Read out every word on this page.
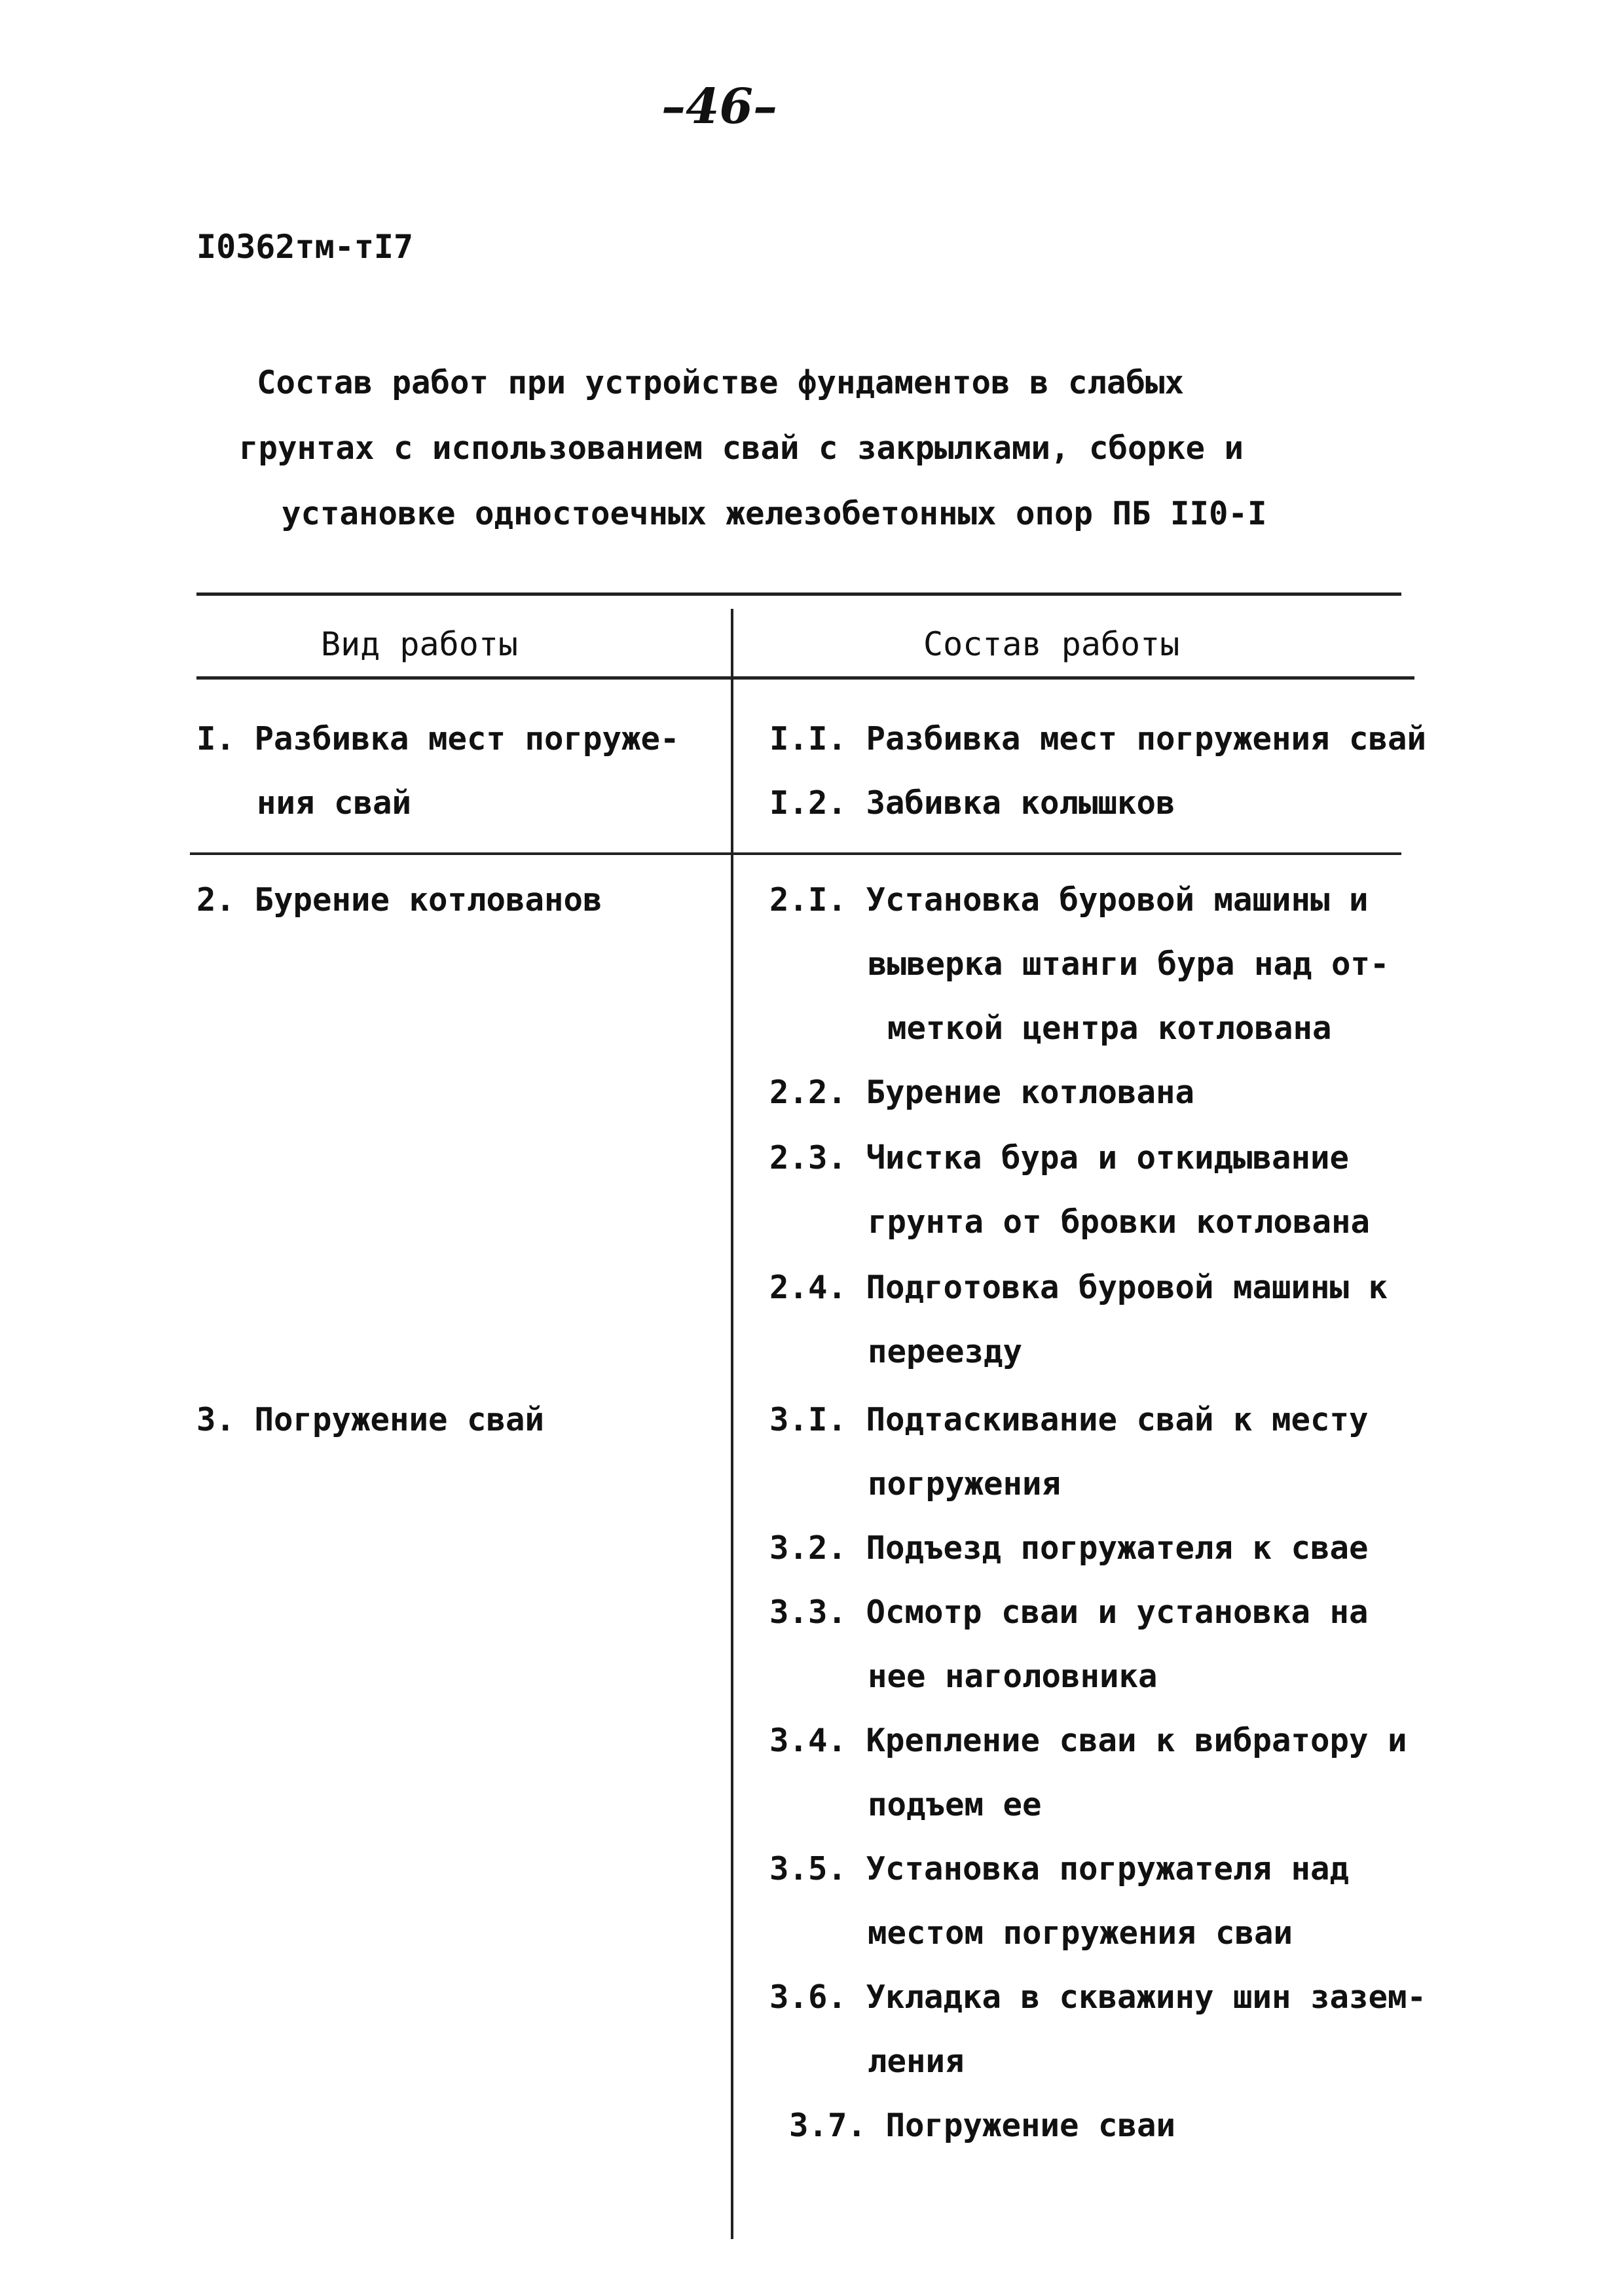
–46–
I0362тм-тI7
Состав работ при устройстве фундаментов в слабых
грунтах с использованием свай с закрылками, сборке и
установке одностоечных железобетонных опор ПБ II0-I
Вид работы	Состав работы
I. Разбивка мест погруже-
ния свай
2. Бурение котлованов
3. Погружение свай
I.I. Разбивка мест погружения свай
I.2. Забивка колышков
2.I. Установка буровой машины и
выверка штанги бура над от-
меткой центра котлована
2.2. Бурение котлована
2.3. Чистка бура и откидывание
грунта от бровки котлована
2.4. Подготовка буровой машины к
переезду
3.I. Подтаскивание свай к месту
погружения
3.2. Подъезд погружателя к свае
3.3. Осмотр сваи и установка на
нее наголовника
3.4. Крепление сваи к вибратору и
подъем ее
3.5. Установка погружателя над
местом погружения сваи
3.6. Укладка в скважину шин зазем-
ления
3.7. Погружение сваи
